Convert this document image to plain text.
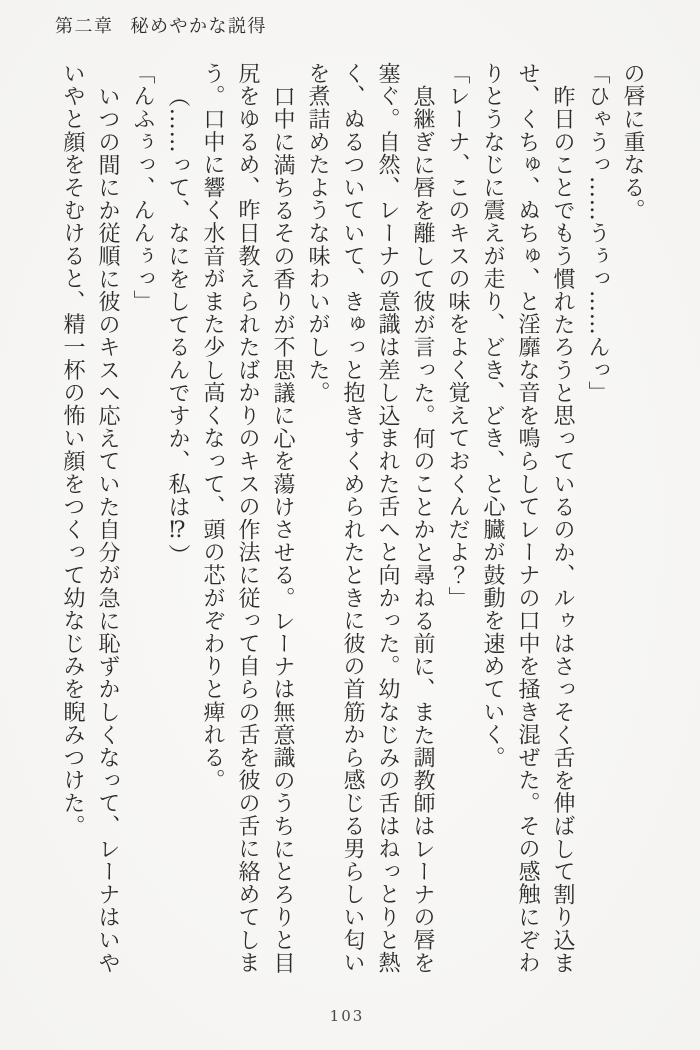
第二章 秘めやかな説得
の唇に重なる。
「ひゃうっ……うぅっ……んっ」
昨日のことでもう慣れたろうと思っているのか、ルゥはさっそく舌を伸ばして割り込ま
せ、くちゅ、ぬちゅ、と淫靡な音を鳴らしてレーナの口中を掻き混ぜた。その感触にぞわ
りとうなじに震えが走り、どき、どき、と心臓が鼓動を速めていく。
「レーナ、このキスの味をよく覚えておくんだよ？」
息継ぎに唇を離して彼が言った。何のことかと尋ねる前に、また調教師はレーナの唇を
塞ぐ。自然、レーナの意識は差し込まれた舌へと向かった。幼なじみの舌はねっとりと熱
く、ぬるついていて、きゅっと抱きすくめられたときに彼の首筋から感じる男らしい匂い
を煮詰めたような味わいがした。
口中に満ちるその香りが不思議に心を蕩けさせる。レーナは無意識のうちにとろりと目
尻をゆるめ、昨日教えられたばかりのキスの作法に従って自らの舌を彼の舌に絡めてしま
う。口中に響く水音がまた少し高くなって、頭の芯がぞわりと痺れる。
（……って、なにをしてるんですか、私は⁉）
「んふぅっ、んんぅっ」
いつの間にか従順に彼のキスへ応えていた自分が急に恥ずかしくなって、レーナはいや
いやと顔をそむけると、精一杯の怖い顔をつくって幼なじみを睨みつけた。
103
